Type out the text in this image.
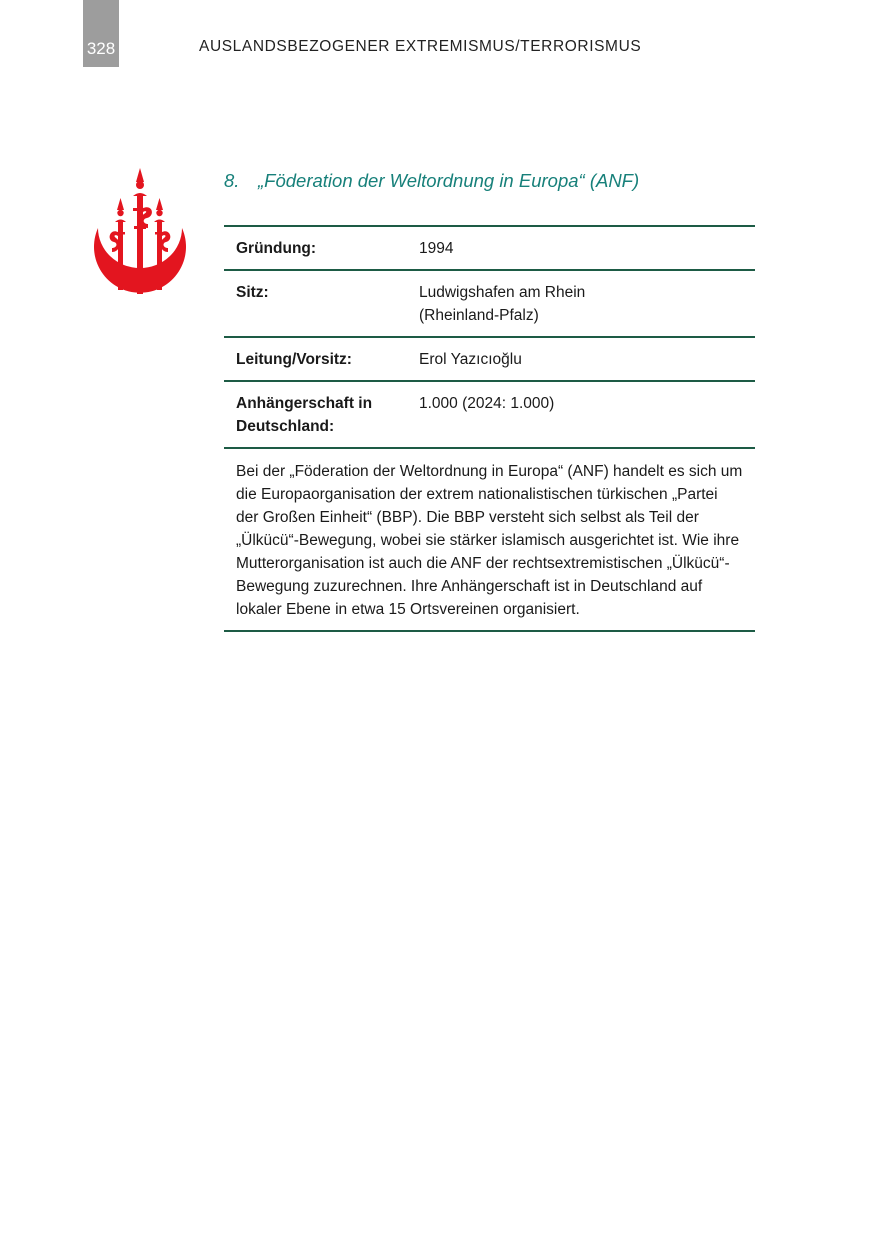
328	AUSLANDSBEZOGENER EXTREMISMUS/TERRORISMUS
8. „Föderation der Weltordnung in Europa“ (ANF)
Gründung:	1994
Sitz:	Ludwigshafen am Rhein
(Rheinland-Pfalz)
Leitung/Vorsitz:	Erol Yazıcıoğlu
Anhängerschaft in Deutschland:
1.000 (2024: 1.000)
Bei der „Föderation der Weltordnung in Europa“ (ANF) handelt es sich um die Europaorganisation der extrem nationalistischen türkischen „Partei der Großen Einheit“ (BBP). Die BBP versteht sich selbst als Teil der „Ülkücü“-Bewegung, wobei sie stärker islamisch ausgerichtet ist. Wie ihre Mutterorganisation ist auch die ANF der rechtsextremistischen „Ülkücü“-Bewegung zuzurechnen. Ihre Anhängerschaft ist in Deutschland auf lokaler Ebene in etwa 15 Ortsvereinen organisiert.
